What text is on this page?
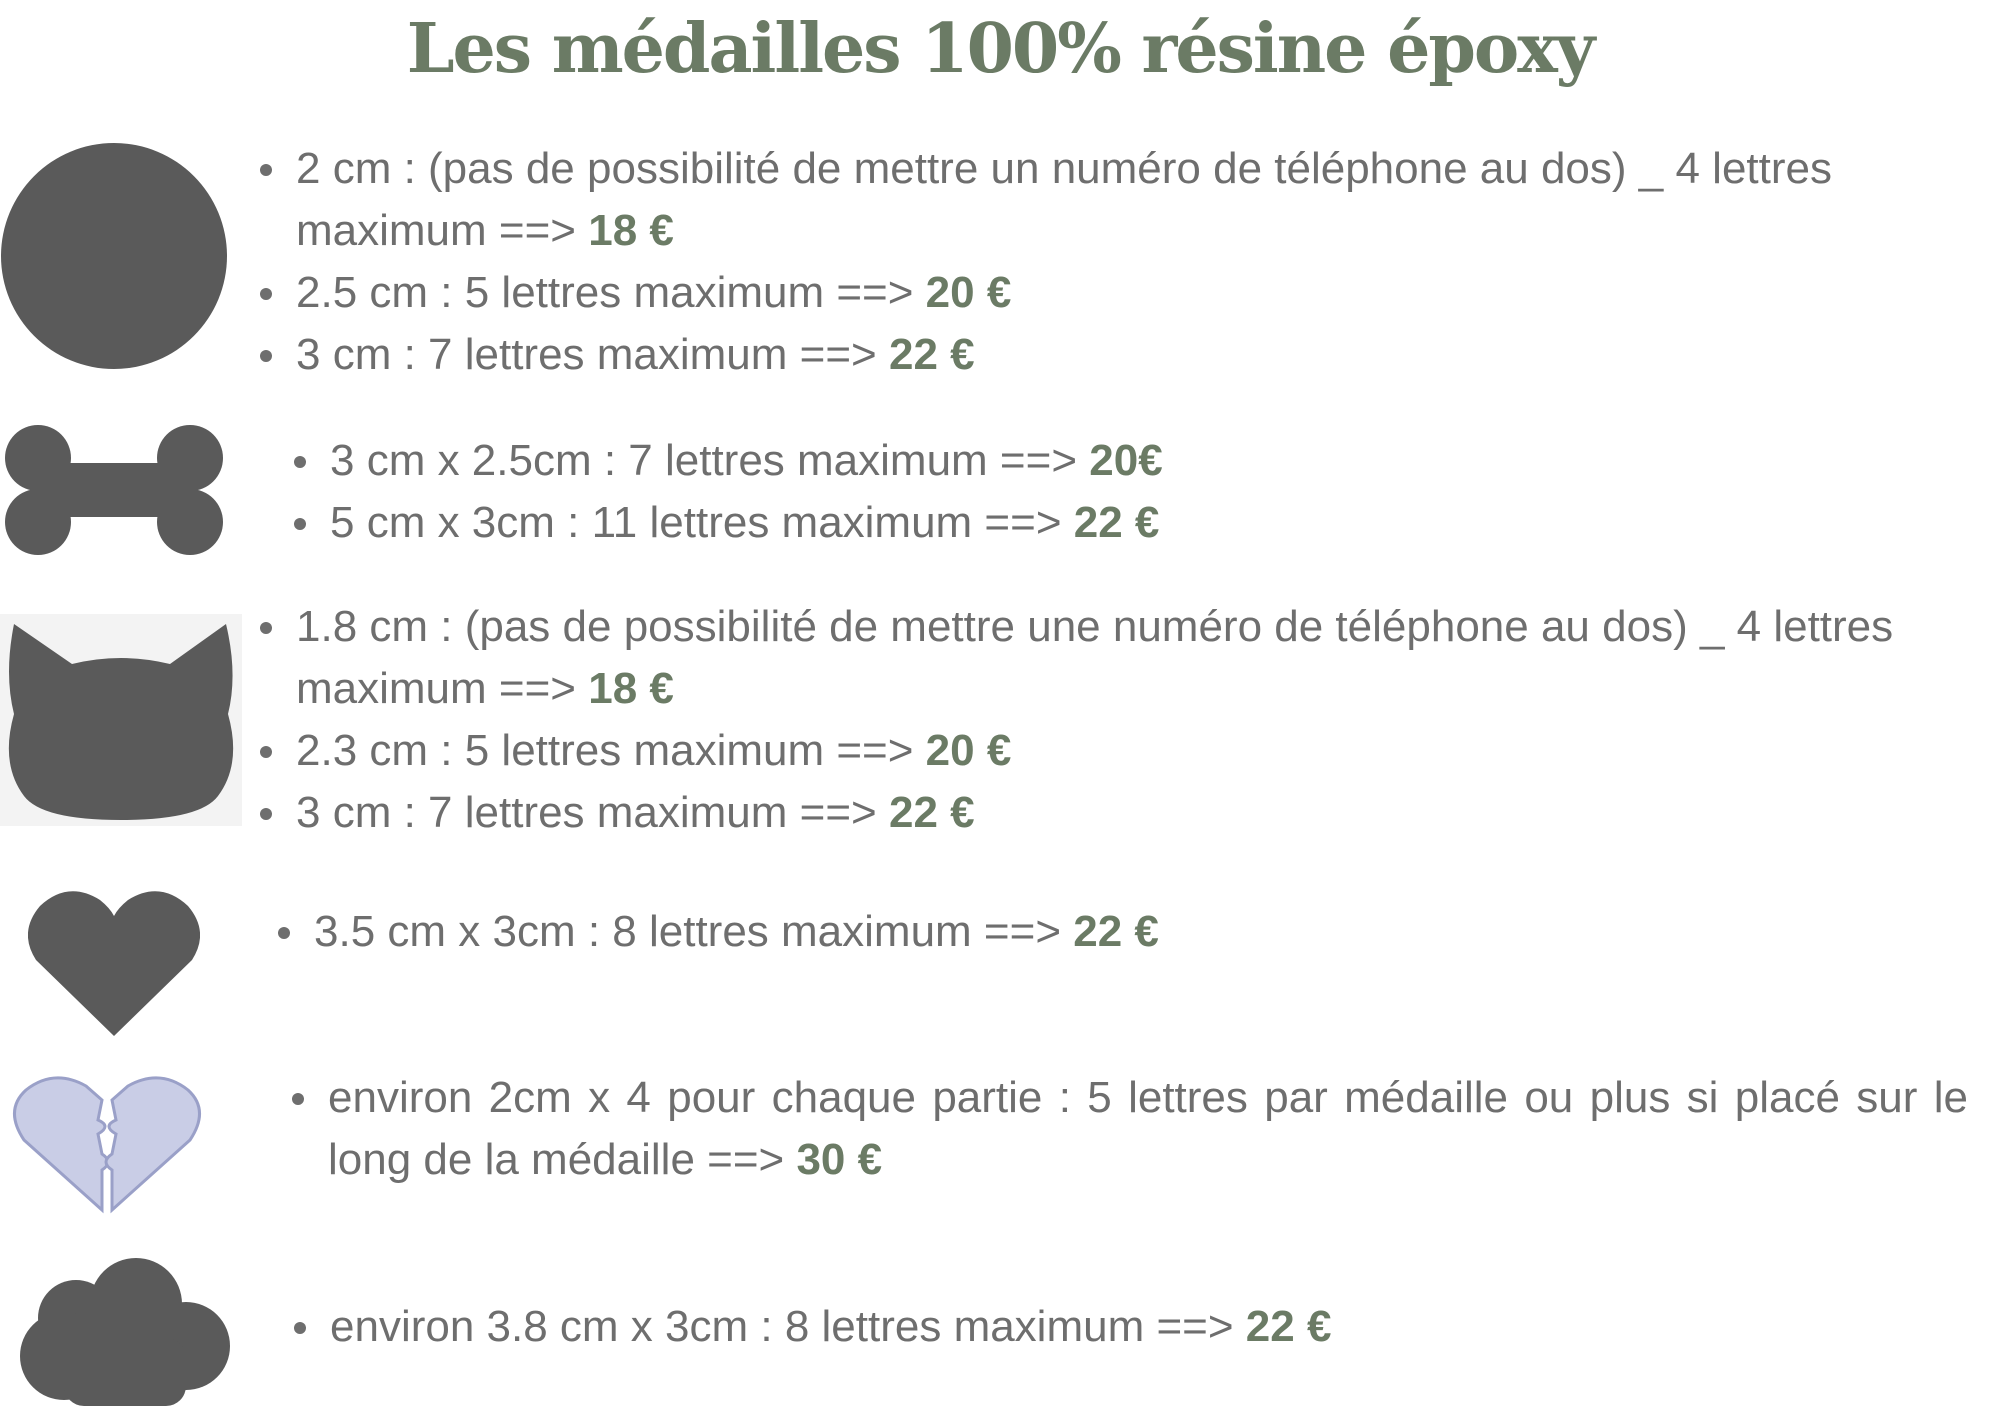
Les médailles 100% résine époxy
2 cm : (pas de possibilité de mettre un numéro de téléphone au dos) _ 4 lettres maximum ==> 18 €
2.5 cm : 5 lettres maximum ==> 20 €
3 cm : 7 lettres maximum ==> 22 €
3 cm x 2.5cm : 7 lettres maximum ==> 20€
5 cm x 3cm : 11 lettres maximum ==> 22 €
1.8 cm : (pas de possibilité de mettre une numéro de téléphone au dos) _ 4 lettres maximum ==> 18 €
2.3 cm : 5 lettres maximum ==> 20 €
3 cm : 7 lettres maximum ==> 22 €
3.5 cm x 3cm : 8 lettres maximum ==> 22 €
environ 2cm x 4 pour chaque partie : 5 lettres par médaille ou plus si placé sur le long de la médaille ==> 30 €
environ 3.8 cm x 3cm : 8 lettres maximum ==> 22 €
